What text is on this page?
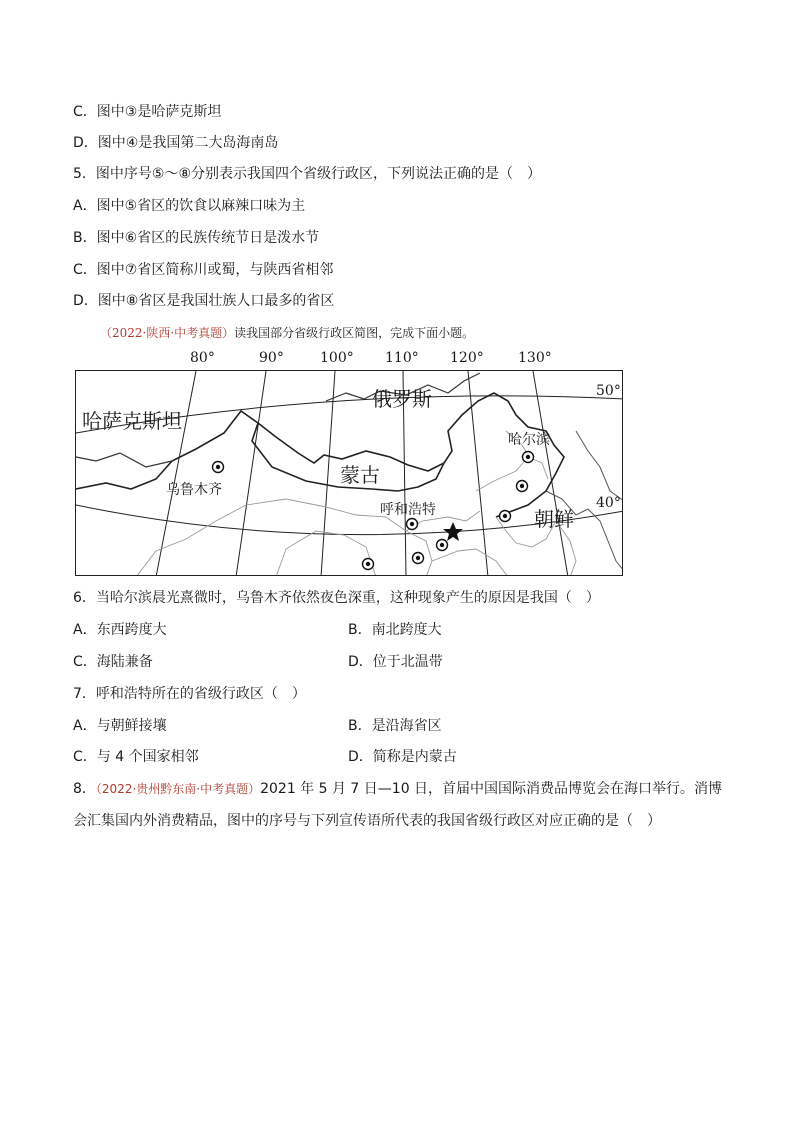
C．图中③是哈萨克斯坦
D．图中④是我国第二大岛海南岛
5．图中序号⑤～⑧分别表示我国四个省级行政区，下列说法正确的是（　）
A．图中⑤省区的饮食以麻辣口味为主
B．图中⑥省区的民族传统节日是泼水节
C．图中⑦省区简称川或蜀，与陕西省相邻
D．图中⑧省区是我国壮族人口最多的省区
（2022·陕西·中考真题）读我国部分省级行政区简图，完成下面小题。
80°	90°	100° 110° 120° 130°
哈萨克斯坦
俄罗斯
蒙古
哈尔滨
乌鲁木齐
呼和浩特	朝鲜
50°
40°
6．当哈尔滨晨光熹微时，乌鲁木齐依然夜色深重，这种现象产生的原因是我国（　）
A．东西跨度大	B．南北跨度大
C．海陆兼备	D．位于北温带
7．呼和浩特所在的省级行政区（　）
A．与朝鲜接壤	B．是沿海省区
C．与 4 个国家相邻	D．简称是内蒙古
8．（2022·贵州黔东南·中考真题）2021 年 5 月 7 日—10 日，首届中国国际消费品博览会在海口举行。消博
会汇集国内外消费精品，图中的序号与下列宣传语所代表的我国省级行政区对应正确的是（　）
